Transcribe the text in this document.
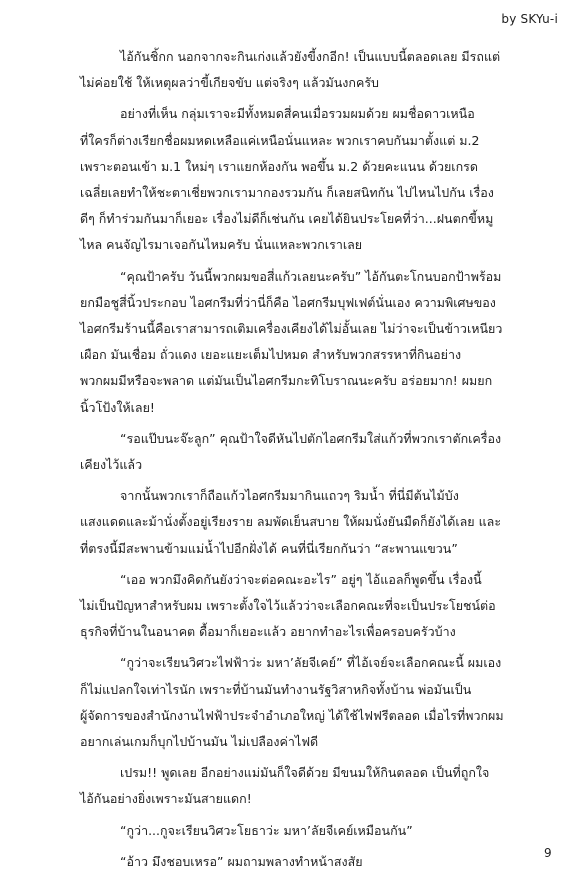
by SKYu-i
ไอ้กันชิ้กก นอกจากจะกินเก่งแล้วยังขี้งกอีก! เป็นแบบนี้ตลอดเลย มีรถแต่
ไม่ค่อยใช้ ให้เหตุผลว่าขี้เกียจขับ แต่จริงๆ แล้วมันงกครับ
อย่างที่เห็น กลุ่มเราจะมีทั้งหมดสี่คนเมื่อรวมผมด้วย ผมชื่อดาวเหนือ
ที่ใครก็ต่างเรียกชื่อผมหดเหลือแค่เหนือนั่นแหละ พวกเราคบกันมาตั้งแต่ ม.2
เพราะตอนเข้า ม.1 ใหม่ๆ เราแยกห้องกัน พอขึ้น ม.2 ด้วยคะแนน ด้วยเกรด
เฉลี่ยเลยทำให้ชะตาเชี่ยพวกเรามากองรวมกัน ก็เลยสนิทกัน ไปไหนไปกัน เรื่อง
ดีๆ ก็ทำร่วมกันมาก็เยอะ เรื่องไม่ดีก็เช่นกัน เคยได้ยินประโยคที่ว่า...ฝนตกขี้หมู
ไหล คนจัญไรมาเจอกันไหมครับ นั่นแหละพวกเราเลย
“คุณป้าครับ วันนี้พวกผมขอสี่แก้วเลยนะครับ” ไอ้กันตะโกนบอกป้าพร้อม
ยกมือชูสี่นิ้วประกอบ ไอศกรีมที่ว่านี่ก็คือ ไอศกรีมบุฟเฟต์นั่นเอง ความพิเศษของ
ไอศกรีมร้านนี้คือเราสามารถเติมเครื่องเคียงได้ไม่อั้นเลย ไม่ว่าจะเป็นข้าวเหนียว
เผือก มันเชื่อม ถั่วแดง เยอะแยะเต็มไปหมด สำหรับพวกสรรหาที่กินอย่าง
พวกผมมีหรือจะพลาด แต่มันเป็นไอศกรีมกะทิโบราณนะครับ อร่อยมาก! ผมยก
นิ้วโป้งให้เลย!
“รอแป๊บนะจ๊ะลูก” คุณป้าใจดีหันไปตักไอศกรีมใส่แก้วที่พวกเราตักเครื่อง
เคียงไว้แล้ว
จากนั้นพวกเราก็ถือแก้วไอศกรีมมากินแถวๆ ริมน้ำ ที่นี่มีต้นไม้บัง
แสงแดดและม้านั่งตั้งอยู่เรียงราย ลมพัดเย็นสบาย ให้ผมนั่งยันมืดก็ยังได้เลย และ
ที่ตรงนี้มีสะพานข้ามแม่น้ำไปอีกฝั่งได้ คนที่นี่เรียกกันว่า “สะพานแขวน”
“เออ พวกมึงคิดกันยังว่าจะต่อคณะอะไร” อยู่ๆ ไอ้แอลก็พูดขึ้น เรื่องนี้
ไม่เป็นปัญหาสำหรับผม เพราะตั้งใจไว้แล้วว่าจะเลือกคณะที่จะเป็นประโยชน์ต่อ
ธุรกิจที่บ้านในอนาคต ดื้อมาก็เยอะแล้ว อยากทำอะไรเพื่อครอบครัวบ้าง
“กูว่าจะเรียนวิศวะไฟฟ้าว่ะ มหา’ลัยจีเคย์” ที่ไอ้เจย์จะเลือกคณะนี้ ผมเอง
ก็ไม่แปลกใจเท่าไรนัก เพราะที่บ้านมันทำงานรัฐวิสาหกิจทั้งบ้าน พ่อมันเป็น
ผู้จัดการของสำนักงานไฟฟ้าประจำอำเภอใหญ่ ได้ใช้ไฟฟรีตลอด เมื่อไรที่พวกผม
อยากเล่นเกมก็บุกไปบ้านมัน ไม่เปลืองค่าไฟดี
เปรม!! พูดเลย อีกอย่างแม่มันก็ใจดีด้วย มีขนมให้กินตลอด เป็นที่ถูกใจ
ไอ้กันอย่างยิ่งเพราะมันสายแดก!
“กูว่า...กูจะเรียนวิศวะโยธาว่ะ มหา’ลัยจีเคย์เหมือนกัน”
“อ้าว มึงชอบเหรอ” ผมถามพลางทำหน้าสงสัย
9
